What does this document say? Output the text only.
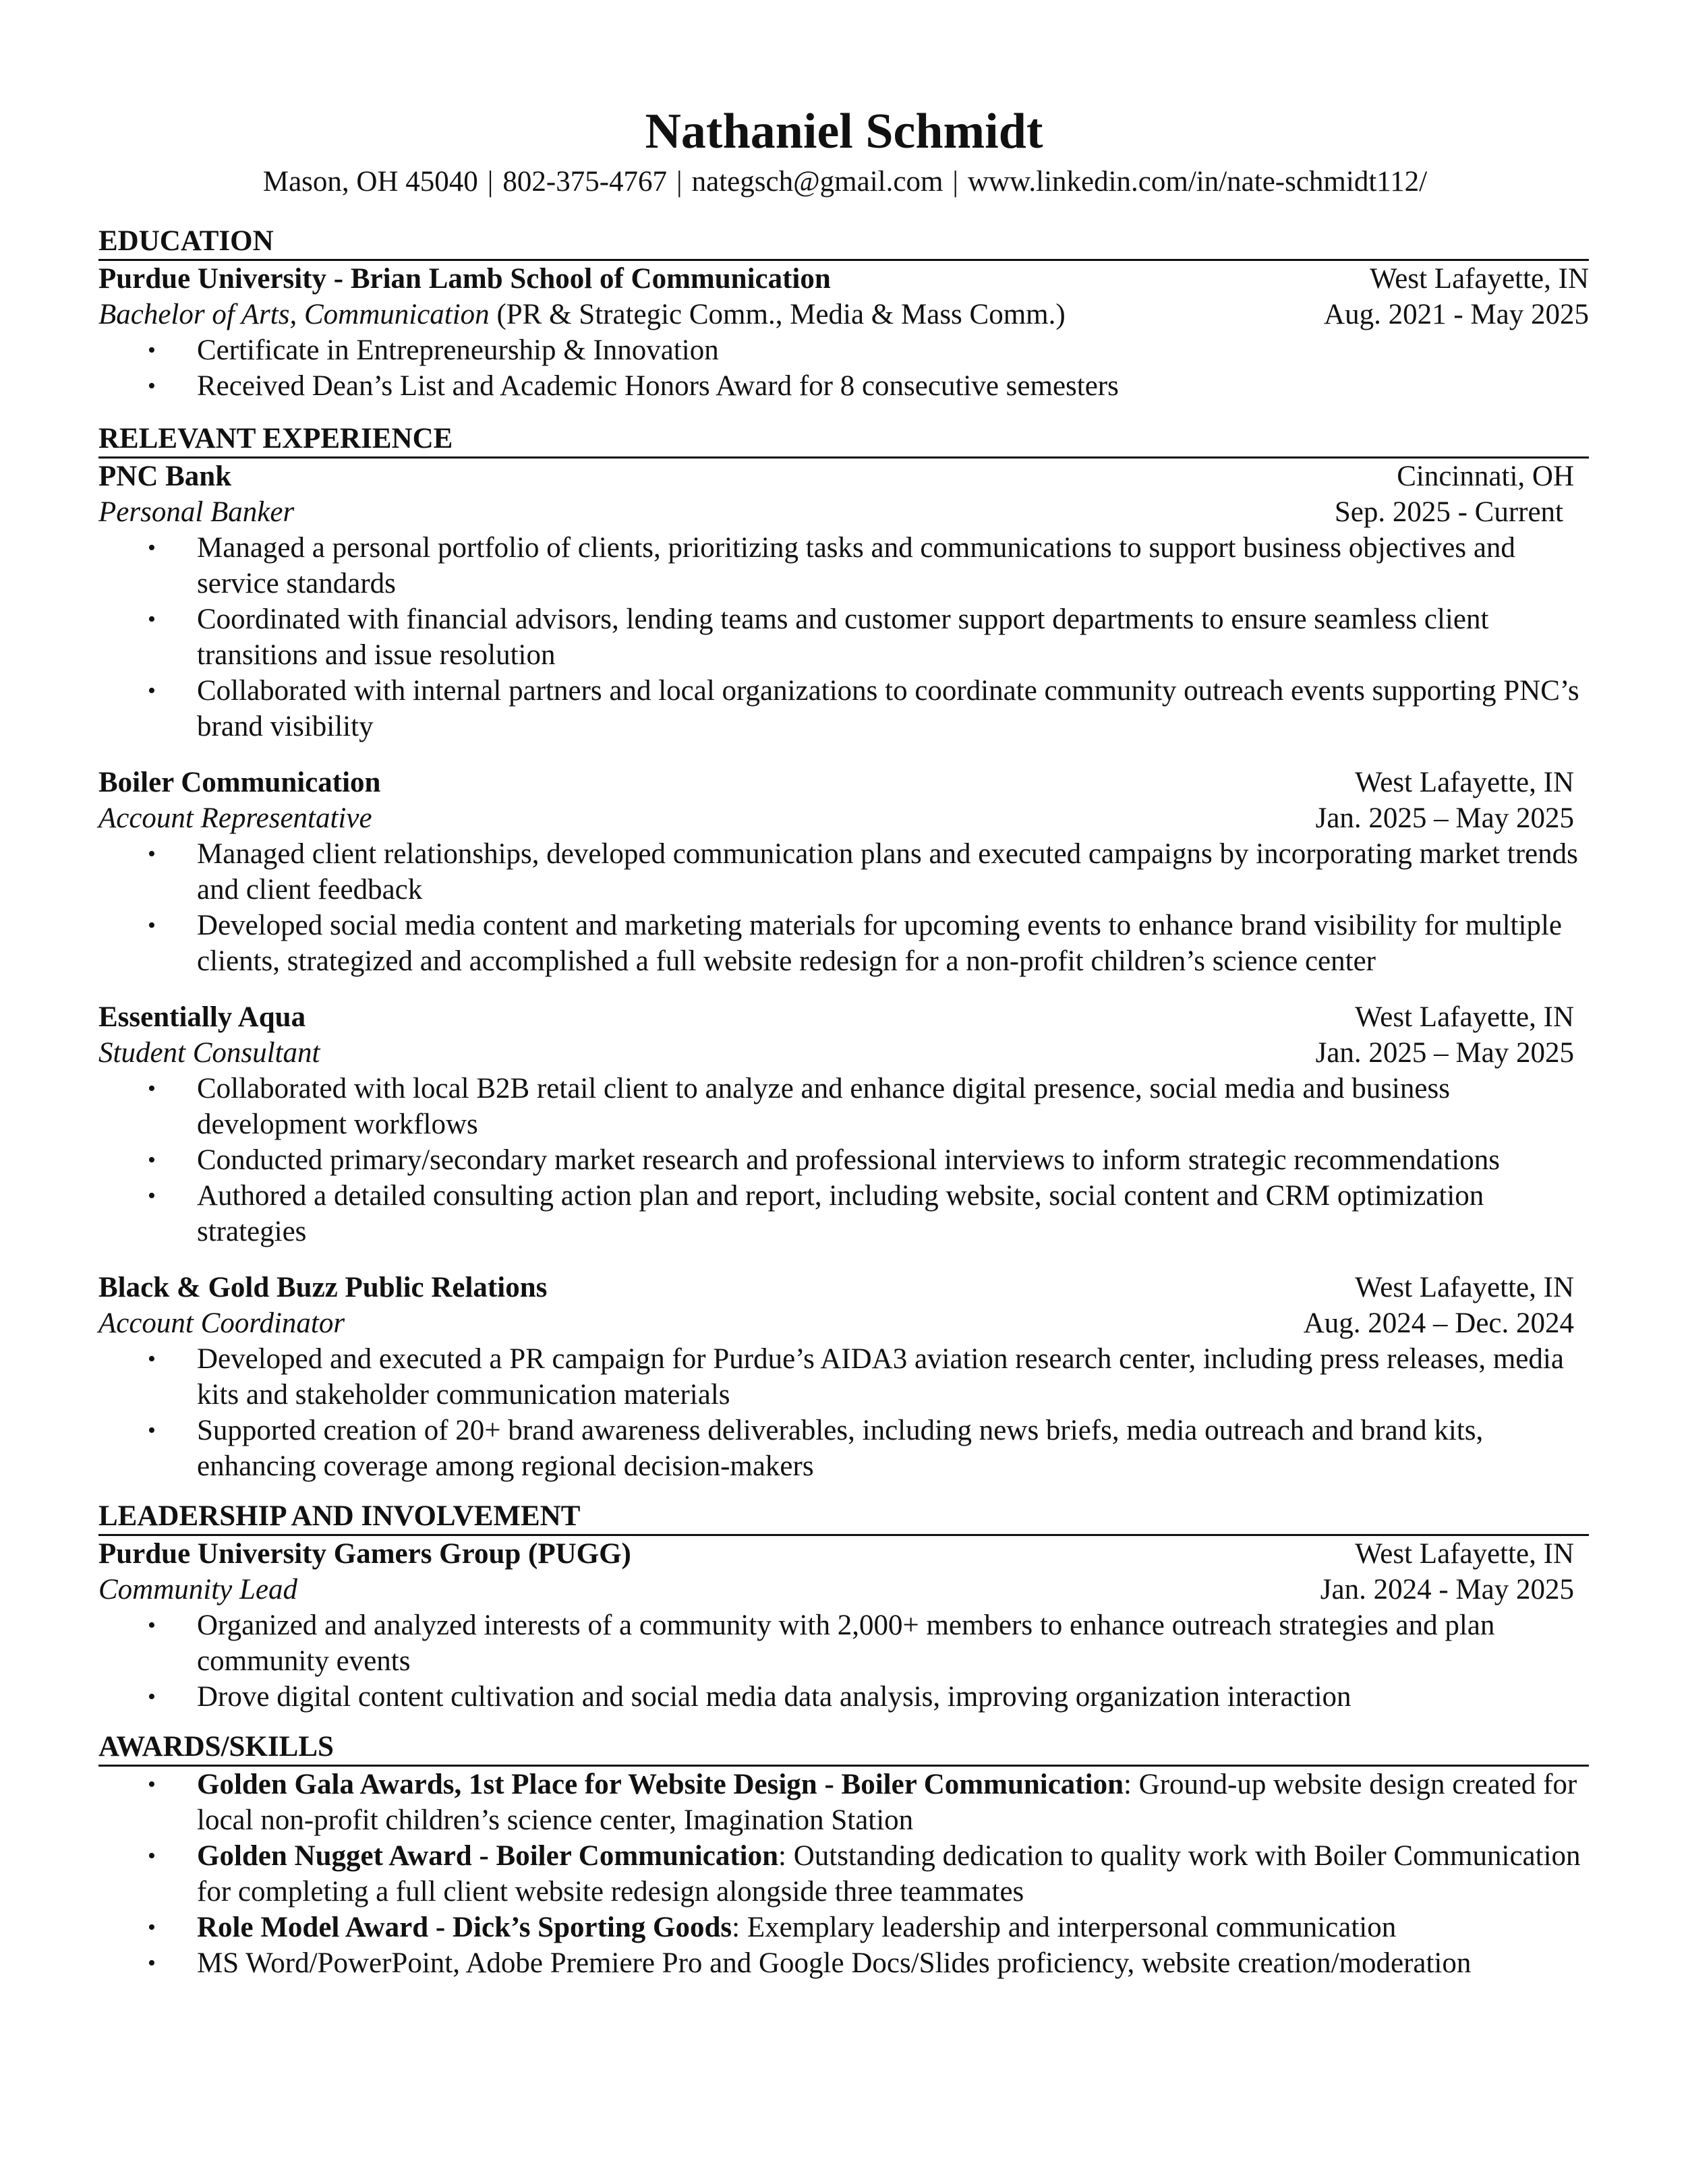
Nathaniel Schmidt
Mason, OH 45040 | 802-375-4767 | nategsch@gmail.com | www.linkedin.com/in/nate-schmidt112/
EDUCATION
Purdue University - Brian Lamb School of Communication	West Lafayette, IN
Bachelor of Arts, Communication (PR & Strategic Comm., Media & Mass Comm.)	Aug. 2021 - May 2025
• Certificate in Entrepreneurship & Innovation
• Received Dean’s List and Academic Honors Award for 8 consecutive semesters
RELEVANT EXPERIENCE
PNC Bank	Cincinnati, OH
Personal Banker	Sep. 2025 - Current
• Managed a personal portfolio of clients, prioritizing tasks and communications to support business objectives and service standards
• Coordinated with financial advisors, lending teams and customer support departments to ensure seamless client transitions and issue resolution
• Collaborated with internal partners and local organizations to coordinate community outreach events supporting PNC’s brand visibility
Boiler Communication	West Lafayette, IN
Account Representative	Jan. 2025 – May 2025
• Managed client relationships, developed communication plans and executed campaigns by incorporating market trends and client feedback
• Developed social media content and marketing materials for upcoming events to enhance brand visibility for multiple clients, strategized and accomplished a full website redesign for a non-profit children’s science center
Essentially Aqua	West Lafayette, IN
Student Consultant	Jan. 2025 – May 2025
• Collaborated with local B2B retail client to analyze and enhance digital presence, social media and business development workflows
• Conducted primary/secondary market research and professional interviews to inform strategic recommendations
• Authored a detailed consulting action plan and report, including website, social content and CRM optimization strategies
Black & Gold Buzz Public Relations	West Lafayette, IN
Account Coordinator	Aug. 2024 – Dec. 2024
• Developed and executed a PR campaign for Purdue’s AIDA3 aviation research center, including press releases, media kits and stakeholder communication materials
• Supported creation of 20+ brand awareness deliverables, including news briefs, media outreach and brand kits, enhancing coverage among regional decision-makers
LEADERSHIP AND INVOLVEMENT
Purdue University Gamers Group (PUGG)	West Lafayette, IN
Community Lead	Jan. 2024 - May 2025
• Organized and analyzed interests of a community with 2,000+ members to enhance outreach strategies and plan community events
• Drove digital content cultivation and social media data analysis, improving organization interaction
AWARDS/SKILLS
• Golden Gala Awards, 1st Place for Website Design - Boiler Communication: Ground-up website design created for local non-profit children’s science center, Imagination Station
• Golden Nugget Award - Boiler Communication: Outstanding dedication to quality work with Boiler Communication for completing a full client website redesign alongside three teammates
• Role Model Award - Dick’s Sporting Goods: Exemplary leadership and interpersonal communication
• MS Word/PowerPoint, Adobe Premiere Pro and Google Docs/Slides proficiency, website creation/moderation
